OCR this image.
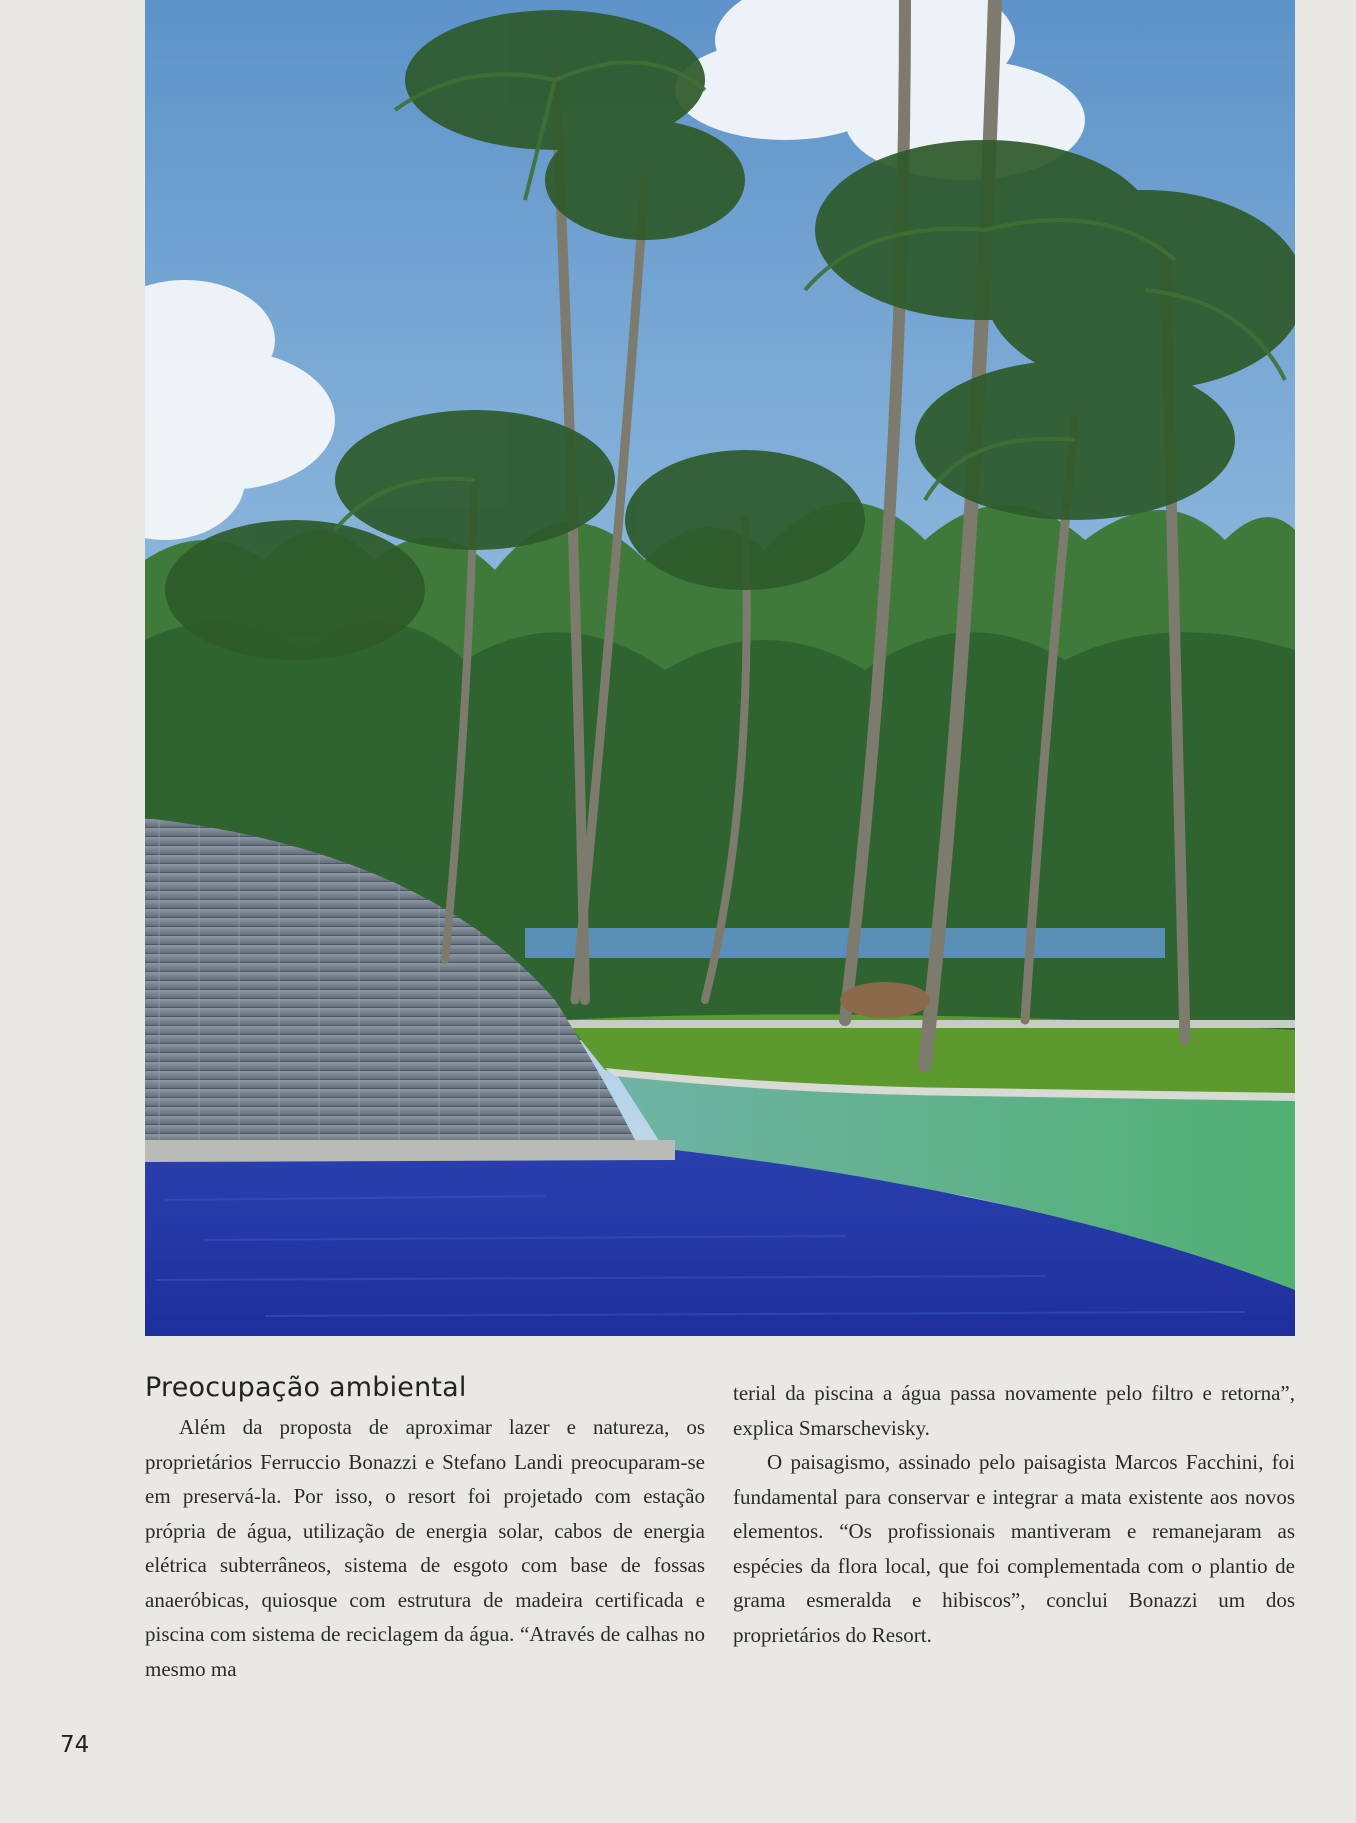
Preocupação ambiental

Além da proposta de aproximar lazer e natureza, os proprietários Ferruccio Bonazzi e Stefano Landi preocuparam-se em preservá-la. Por isso, o resort foi projetado com estação própria de água, utilização de energia solar, cabos de energia elétrica subterrâneos, sistema de esgoto com base de fossas anaeróbicas, quiosque com estrutura de madeira certificada e piscina com sistema de reciclagem da água. “Através de calhas no mesmo ma

terial da piscina a água passa novamente pelo filtro e retorna”, explica Smarschevisky.

O paisagismo, assinado pelo paisagista Marcos Facchini, foi fundamental para conservar e integrar a mata existente aos novos elementos. “Os profissionais mantiveram e remanejaram as espécies da flora local, que foi complementada com o plantio de grama esmeralda e hibiscos”, conclui Bonazzi um dos proprietários do Resort.

74
